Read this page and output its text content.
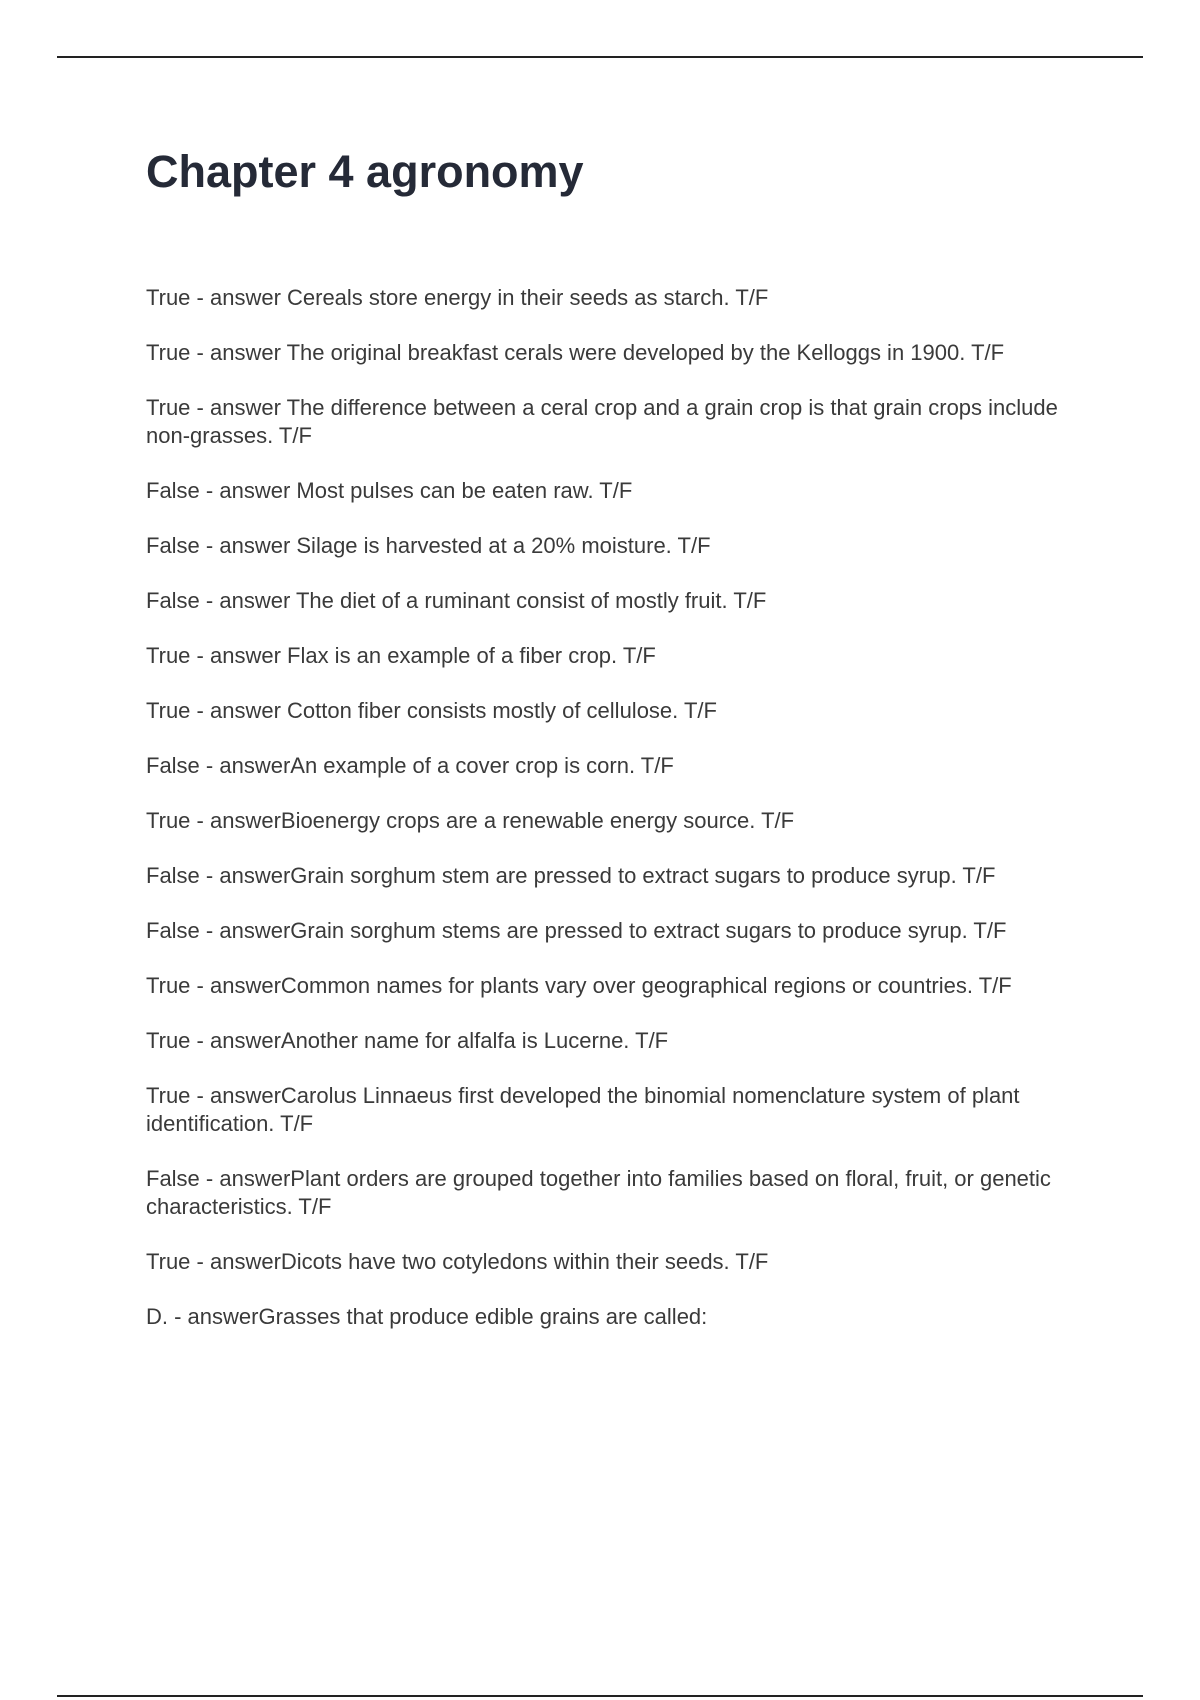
Chapter 4 agronomy
True - answer Cereals store energy in their seeds as starch. T/F
True - answer The original breakfast cerals were developed by the Kelloggs in 1900. T/F
True - answer The difference between a ceral crop and a grain crop is that grain crops include non-grasses. T/F
False - answer Most pulses can be eaten raw. T/F
False - answer Silage is harvested at a 20% moisture. T/F
False - answer The diet of a ruminant consist of mostly fruit. T/F
True - answer Flax is an example of a fiber crop. T/F
True - answer Cotton fiber consists mostly of cellulose. T/F
False - answerAn example of a cover crop is corn. T/F
True - answerBioenergy crops are a renewable energy source. T/F
False - answerGrain sorghum stem are pressed to extract sugars to produce syrup. T/F
False - answerGrain sorghum stems are pressed to extract sugars to produce syrup. T/F
True - answerCommon names for plants vary over geographical regions or countries. T/F
True - answerAnother name for alfalfa is Lucerne. T/F
True - answerCarolus Linnaeus first developed the binomial nomenclature system of plant identification. T/F
False - answerPlant orders are grouped together into families based on floral, fruit, or genetic characteristics. T/F
True - answerDicots have two cotyledons within their seeds. T/F
D. - answerGrasses that produce edible grains are called:
